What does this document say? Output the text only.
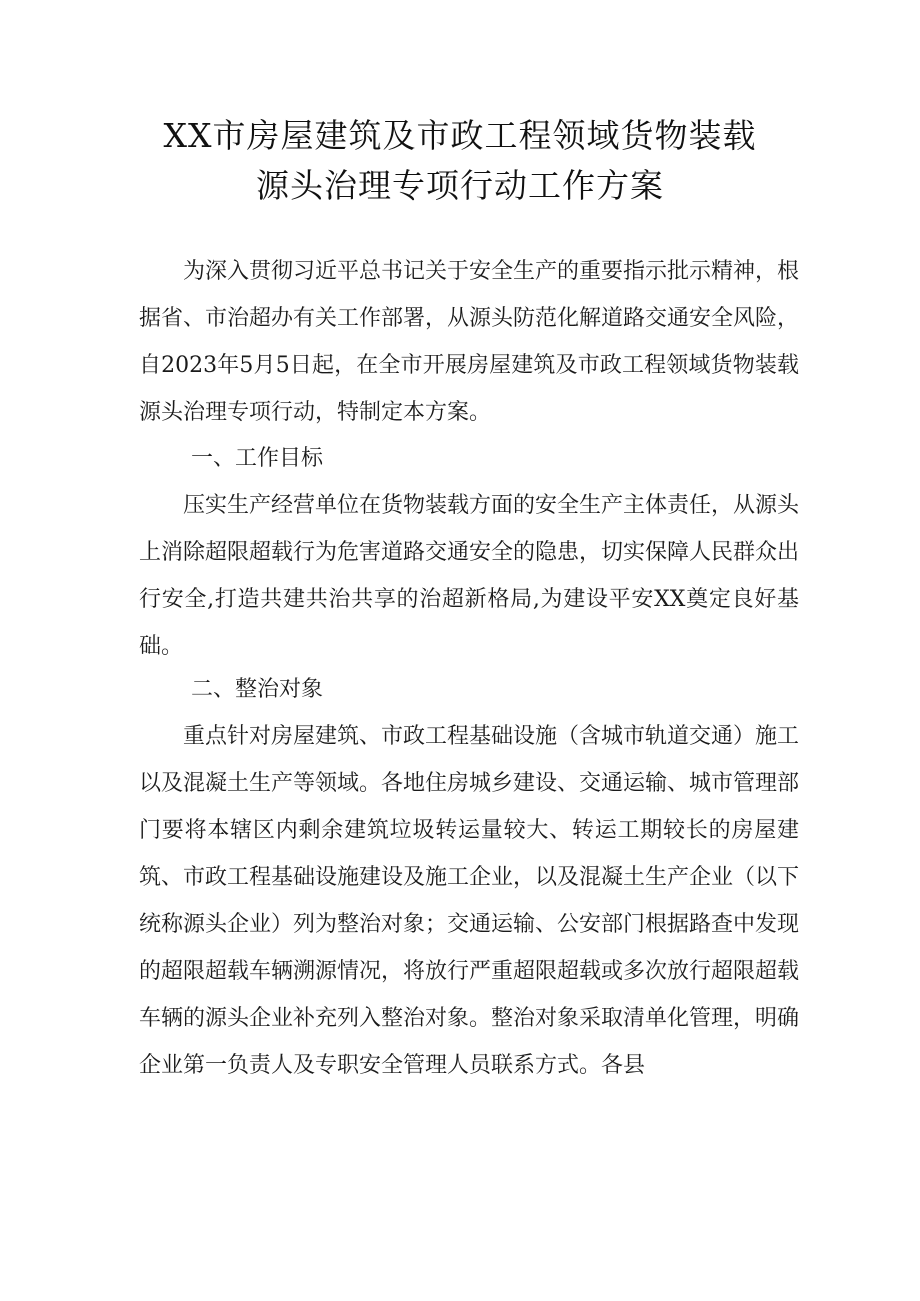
XX市房屋建筑及市政工程领域货物装载
源头治理专项行动工作方案

为深入贯彻习近平总书记关于安全生产的重要指示批示精神，根据省、市治超办有关工作部署，从源头防范化解道路交通安全风险，自2023年5月5日起，在全市开展房屋建筑及市政工程领域货物装载源头治理专项行动，特制定本方案。

一、工作目标

压实生产经营单位在货物装载方面的安全生产主体责任，从源头上消除超限超载行为危害道路交通安全的隐患，切实保障人民群众出行安全,打造共建共治共享的治超新格局,为建设平安XX奠定良好基础。

二、整治对象

重点针对房屋建筑、市政工程基础设施（含城市轨道交通）施工以及混凝土生产等领域。各地住房城乡建设、交通运输、城市管理部门要将本辖区内剩余建筑垃圾转运量较大、转运工期较长的房屋建筑、市政工程基础设施建设及施工企业，以及混凝土生产企业（以下统称源头企业）列为整治对象；交通运输、公安部门根据路查中发现的超限超载车辆溯源情况，将放行严重超限超载或多次放行超限超载车辆的源头企业补充列入整治对象。整治对象采取清单化管理，明确企业第一负责人及专职安全管理人员联系方式。各县
